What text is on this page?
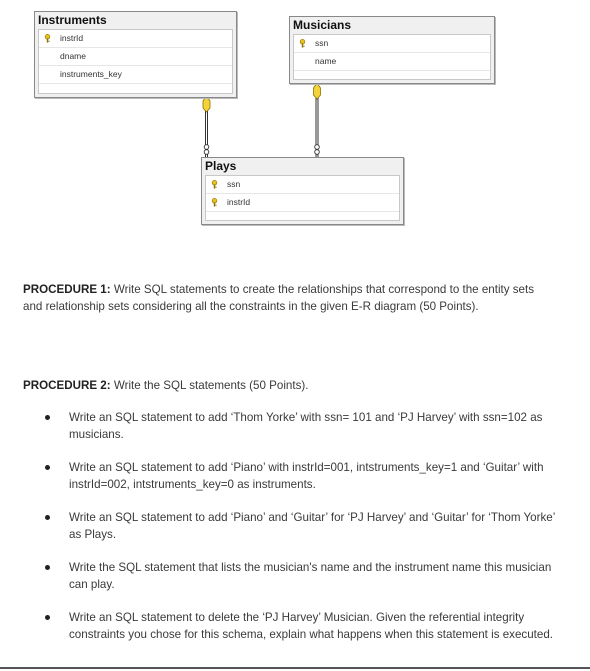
Instruments
instrId
dname
instruments_key
Musicians
ssn
name
Plays
ssn
instrId
PROCEDURE 1: Write SQL statements to create the relationships that correspond to the entity sets and relationship sets considering all the constraints in the given E-R diagram (50 Points).
PROCEDURE 2: Write the SQL statements (50 Points).
Write an SQL statement to add ‘Thom Yorke’ with ssn= 101 and ‘PJ Harvey’ with ssn=102 as musicians.
Write an SQL statement to add ‘Piano’ with instrId=001, intstruments_key=1 and ‘Guitar’ with instrId=002, intstruments_key=0 as instruments.
Write an SQL statement to add ‘Piano’ and ‘Guitar’ for ‘PJ Harvey’ and ‘Guitar’ for ‘Thom Yorke’ as Plays.
Write the SQL statement that lists the musician's name and the instrument name this musician can play.
Write an SQL statement to delete the ‘PJ Harvey’ Musician. Given the referential integrity constraints you chose for this schema, explain what happens when this statement is executed.
